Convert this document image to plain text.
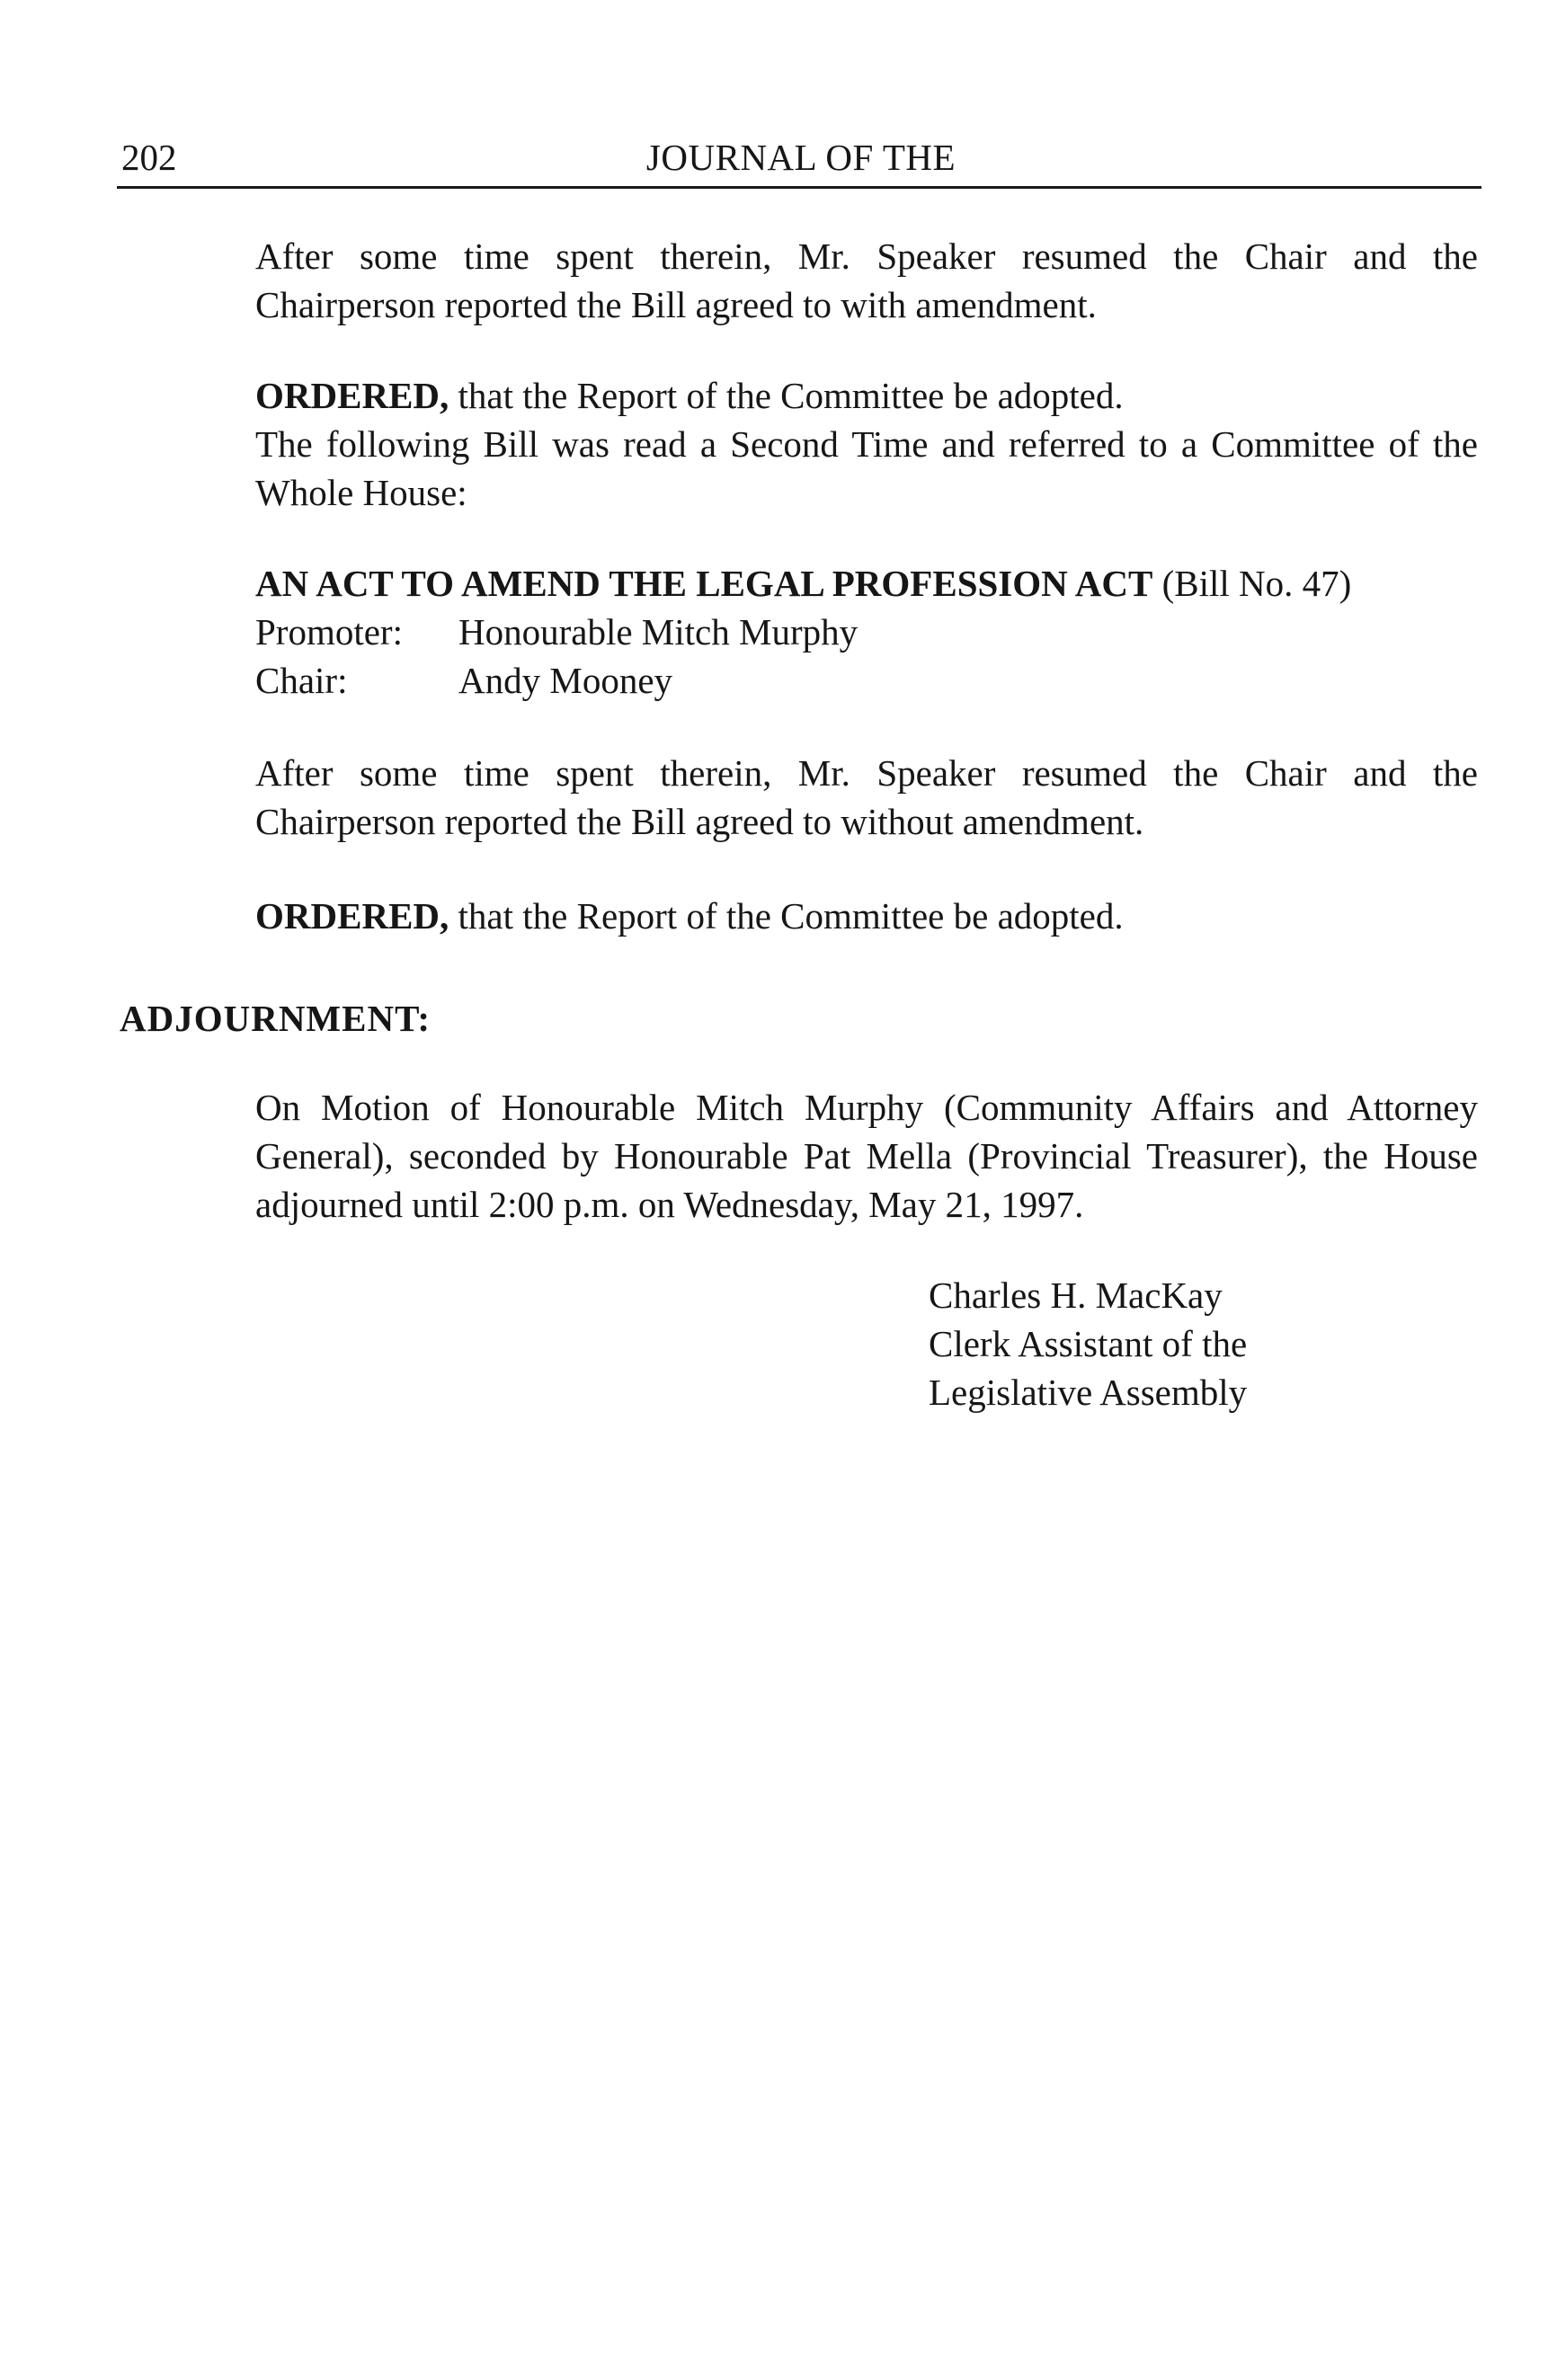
202	JOURNAL OF THE

After some time spent therein, Mr. Speaker resumed the Chair and the

Chairperson reported the Bill agreed to with amendment.

ORDERED, that the Report of the Committee be adopted.

The following Bill was read a Second Time and referred to a Committee of the

Whole House:

AN ACT TO AMEND THE LEGAL PROFESSION ACT (Bill No. 47)

Promoter:	Honourable Mitch Murphy
Chair:	Andy Mooney

After some time spent therein, Mr. Speaker resumed the Chair and the

Chairperson reported the Bill agreed to without amendment.

ORDERED, that the Report of the Committee be adopted.

ADJOURNMENT:

On Motion of Honourable Mitch Murphy (Community Affairs and Attorney

General), seconded by Honourable Pat Mella (Provincial Treasurer), the House

adjourned until 2:00 p.m. on Wednesday, May 21, 1997.

Charles H. MacKay

Clerk Assistant of the

Legislative Assembly
